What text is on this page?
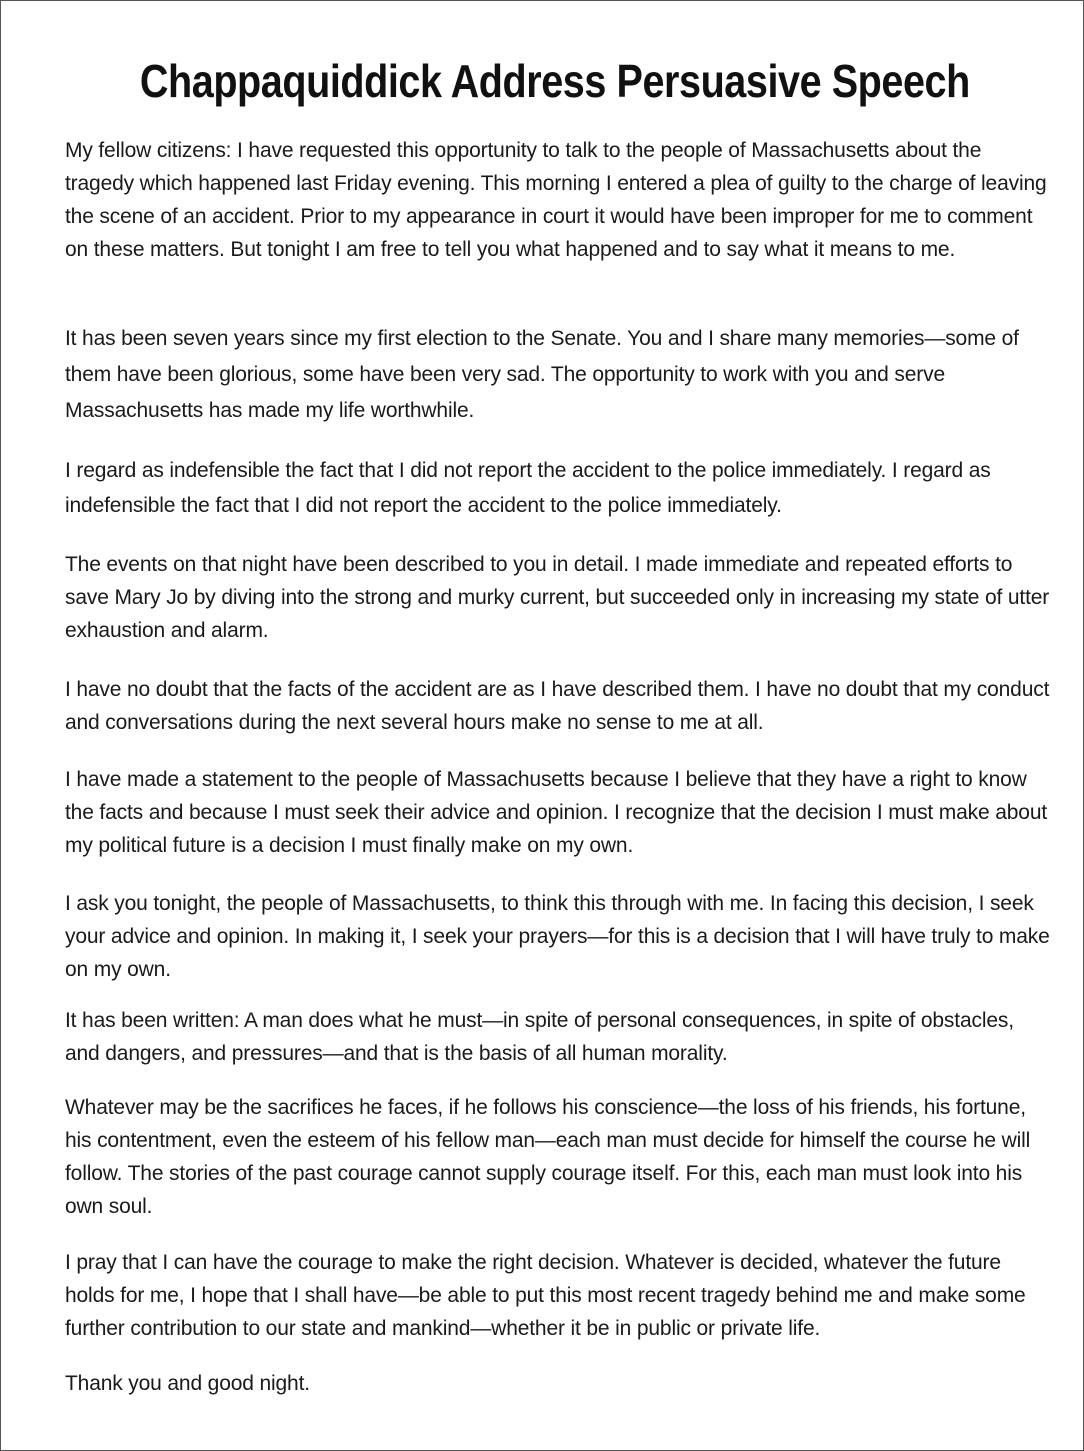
Chappaquiddick Address Persuasive Speech

My fellow citizens: I have requested this opportunity to talk to the people of Massachusetts about the tragedy which happened last Friday evening. This morning I entered a plea of guilty to the charge of leaving the scene of an accident. Prior to my appearance in court it would have been improper for me to comment on these matters. But tonight I am free to tell you what happened and to say what it means to me.

It has been seven years since my first election to the Senate. You and I share many memories—some of them have been glorious, some have been very sad. The opportunity to work with you and serve Massachusetts has made my life worthwhile.

I regard as indefensible the fact that I did not report the accident to the police immediately. I regard as indefensible the fact that I did not report the accident to the police immediately.

The events on that night have been described to you in detail. I made immediate and repeated efforts to save Mary Jo by diving into the strong and murky current, but succeeded only in increasing my state of utter exhaustion and alarm.

I have no doubt that the facts of the accident are as I have described them. I have no doubt that my conduct and conversations during the next several hours make no sense to me at all.

I have made a statement to the people of Massachusetts because I believe that they have a right to know the facts and because I must seek their advice and opinion. I recognize that the decision I must make about my political future is a decision I must finally make on my own.

I ask you tonight, the people of Massachusetts, to think this through with me. In facing this decision, I seek your advice and opinion. In making it, I seek your prayers—for this is a decision that I will have truly to make on my own.

It has been written: A man does what he must—in spite of personal consequences, in spite of obstacles, and dangers, and pressures—and that is the basis of all human morality.

Whatever may be the sacrifices he faces, if he follows his conscience—the loss of his friends, his fortune, his contentment, even the esteem of his fellow man—each man must decide for himself the course he will follow. The stories of the past courage cannot supply courage itself. For this, each man must look into his own soul.

I pray that I can have the courage to make the right decision. Whatever is decided, whatever the future holds for me, I hope that I shall have—be able to put this most recent tragedy behind me and make some further contribution to our state and mankind—whether it be in public or private life.

Thank you and good night.
